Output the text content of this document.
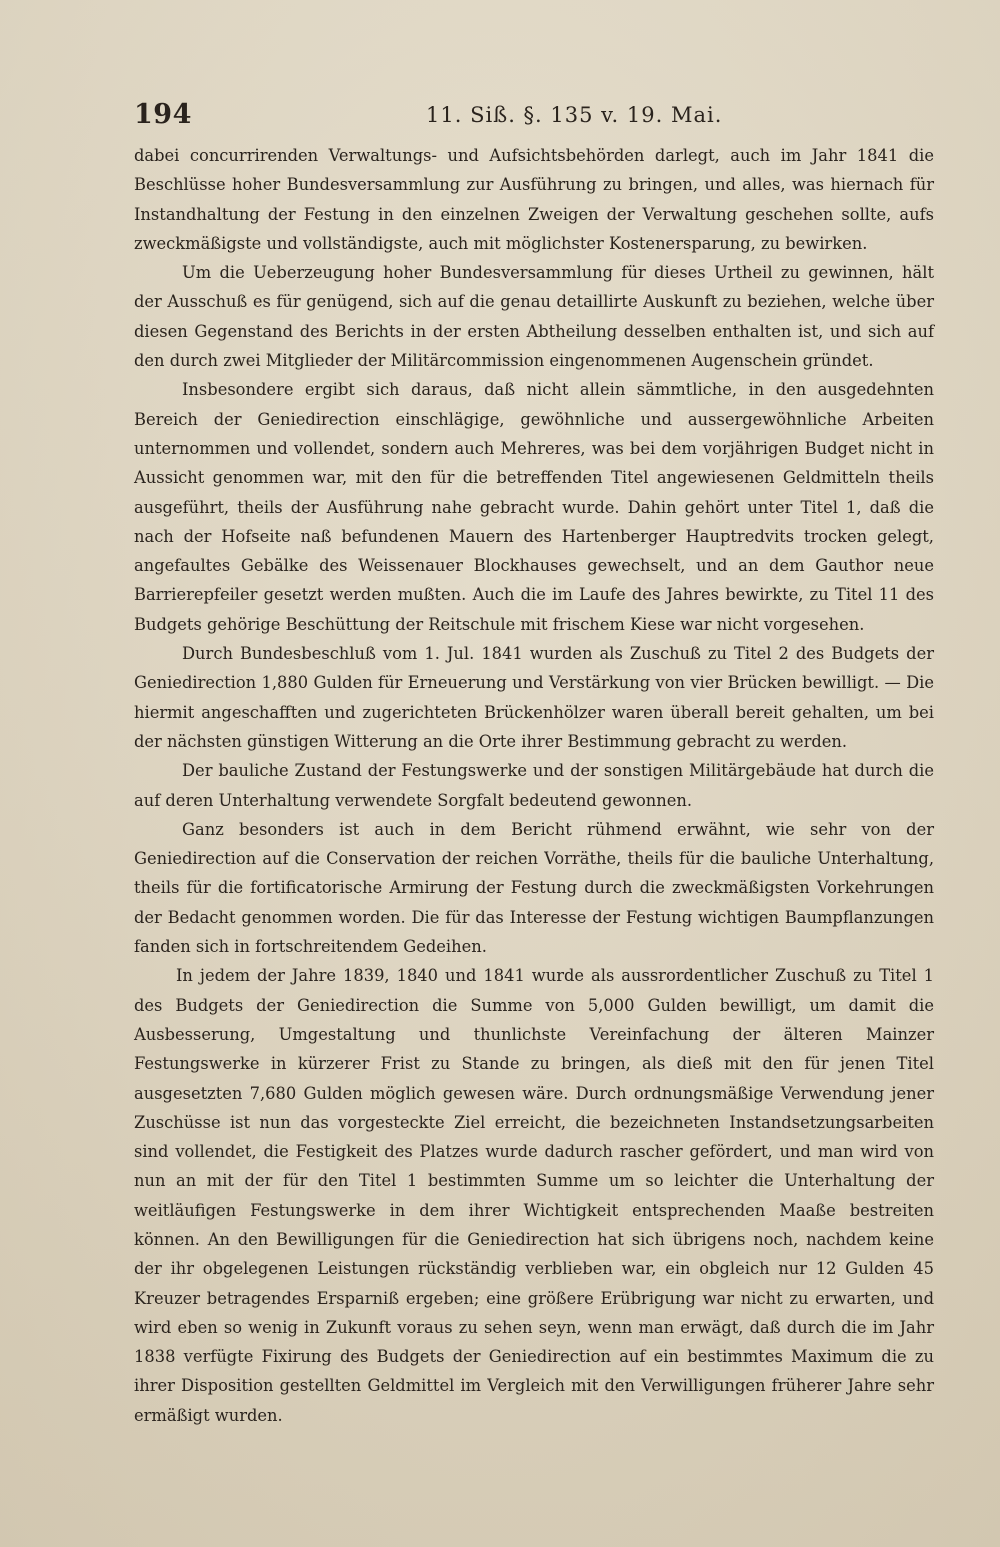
194	11. Siß. §. 135 v. 19. Mai.

dabei concurrirenden Verwaltungs- und Aufsichtsbehörden darlegt, auch im Jahr 1841 die Beschlüsse hoher Bundesversammlung zur Ausführung zu bringen, und alles, was hiernach für Instandhaltung der Festung in den einzelnen Zweigen der Verwaltung geschehen sollte, aufs zweckmäßigste und vollständigste, auch mit möglichster Kostenersparung, zu bewirken.

Um die Ueberzeugung hoher Bundesversammlung für dieses Urtheil zu gewinnen, hält der Ausschuß es für genügend, sich auf die genau detaillirte Auskunft zu beziehen, welche über diesen Gegenstand des Berichts in der ersten Abtheilung desselben enthalten ist, und sich auf den durch zwei Mitglieder der Militärcommission eingenommenen Augenschein gründet.

Insbesondere ergibt sich daraus, daß nicht allein sämmtliche, in den ausgedehnten Bereich der Geniedirection einschlägige, gewöhnliche und aussergewöhnliche Arbeiten unternommen und vollendet, sondern auch Mehreres, was bei dem vorjährigen Budget nicht in Aussicht genommen war, mit den für die betreffenden Titel angewiesenen Geldmitteln theils ausgeführt, theils der Ausführung nahe gebracht wurde. Dahin gehört unter Titel 1, daß die nach der Hofseite naß befundenen Mauern des Hartenberger Hauptredvits trocken gelegt, angefaultes Gebälke des Weissenauer Blockhauses gewechselt, und an dem Gauthor neue Barrierepfeiler gesetzt werden mußten. Auch die im Laufe des Jahres bewirkte, zu Titel 11 des Budgets gehörige Beschüttung der Reitschule mit frischem Kiese war nicht vorgesehen.

Durch Bundesbeschluß vom 1. Jul. 1841 wurden als Zuschuß zu Titel 2 des Budgets der Geniedirection 1,880 Gulden für Erneuerung und Verstärkung von vier Brücken bewilligt. — Die hiermit angeschafften und zugerichteten Brückenhölzer waren überall bereit gehalten, um bei der nächsten günstigen Witterung an die Orte ihrer Bestimmung gebracht zu werden.

Der bauliche Zustand der Festungswerke und der sonstigen Militärgebäude hat durch die auf deren Unterhaltung verwendete Sorgfalt bedeutend gewonnen.

Ganz besonders ist auch in dem Bericht rühmend erwähnt, wie sehr von der Geniedirection auf die Conservation der reichen Vorräthe, theils für die bauliche Unterhaltung, theils für die fortificatorische Armirung der Festung durch die zweckmäßigsten Vorkehrungen der Bedacht genommen worden. Die für das Interesse der Festung wichtigen Baumpflanzungen fanden sich in fortschreitendem Gedeihen.

In jedem der Jahre 1839, 1840 und 1841 wurde als aussrordentlicher Zuschuß zu Titel 1 des Budgets der Geniedirection die Summe von 5,000 Gulden bewilligt, um damit die Ausbesserung, Umgestaltung und thunlichste Vereinfachung der älteren Mainzer Festungswerke in kürzerer Frist zu Stande zu bringen, als dieß mit den für jenen Titel ausgesetzten 7,680 Gulden möglich gewesen wäre. Durch ordnungsmäßige Verwendung jener Zuschüsse ist nun das vorgesteckte Ziel erreicht, die bezeichneten Instandsetzungsarbeiten sind vollendet, die Festigkeit des Platzes wurde dadurch rascher gefördert, und man wird von nun an mit der für den Titel 1 bestimmten Summe um so leichter die Unterhaltung der weitläufigen Festungswerke in dem ihrer Wichtigkeit entsprechenden Maaße bestreiten können. An den Bewilligungen für die Geniedirection hat sich übrigens noch, nachdem keine der ihr obgelegenen Leistungen rückständig verblieben war, ein obgleich nur 12 Gulden 45 Kreuzer betragendes Ersparniß ergeben; eine größere Erübrigung war nicht zu erwarten, und wird eben so wenig in Zukunft voraus zu sehen seyn, wenn man erwägt, daß durch die im Jahr 1838 verfügte Fixirung des Budgets der Geniedirection auf ein bestimmtes Maximum die zu ihrer Disposition gestellten Geldmittel im Vergleich mit den Verwilligungen früherer Jahre sehr ermäßigt wurden.
